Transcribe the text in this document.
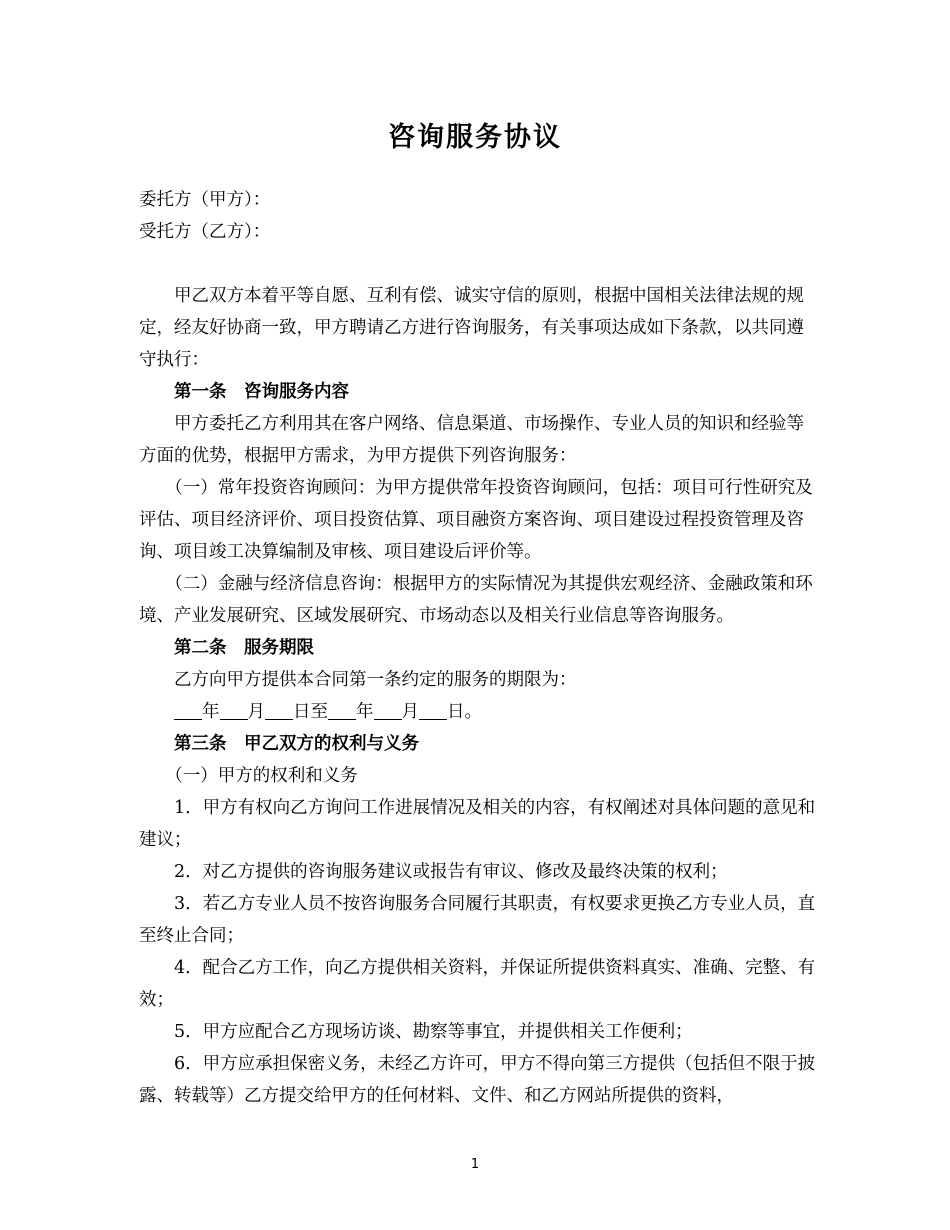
咨询服务协议

委托方（甲方）：

受托方（乙方）：

甲乙双方本着平等自愿、互利有偿、诚实守信的原则，根据中国相关法律法规的规定，经友好协商一致，甲方聘请乙方进行咨询服务，有关事项达成如下条款，以共同遵守执行：

第一条　咨询服务内容

甲方委托乙方利用其在客户网络、信息渠道、市场操作、专业人员的知识和经验等方面的优势，根据甲方需求，为甲方提供下列咨询服务：

（一）常年投资咨询顾问：为甲方提供常年投资咨询顾问，包括：项目可行性研究及评估、项目经济评价、项目投资估算、项目融资方案咨询、项目建设过程投资管理及咨询、项目竣工决算编制及审核、项目建设后评价等。

（二）金融与经济信息咨询：根据甲方的实际情况为其提供宏观经济、金融政策和环境、产业发展研究、区域发展研究、市场动态以及相关行业信息等咨询服务。

第二条　服务期限

乙方向甲方提供本合同第一条约定的服务的期限为：

年 月 日至 年 月 日。

第三条　甲乙双方的权利与义务

（一）甲方的权利和义务

1．甲方有权向乙方询问工作进展情况及相关的内容，有权阐述对具体问题的意见和建议；

2．对乙方提供的咨询服务建议或报告有审议、修改及最终决策的权利；

3．若乙方专业人员不按咨询服务合同履行其职责，有权要求更换乙方专业人员，直至终止合同；

4．配合乙方工作，向乙方提供相关资料，并保证所提供资料真实、准确、完整、有效；

5．甲方应配合乙方现场访谈、勘察等事宜，并提供相关工作便利；

6．甲方应承担保密义务，未经乙方许可，甲方不得向第三方提供（包括但不限于披露、转载等）乙方提交给甲方的任何材料、文件、和乙方网站所提供的资料，

1
